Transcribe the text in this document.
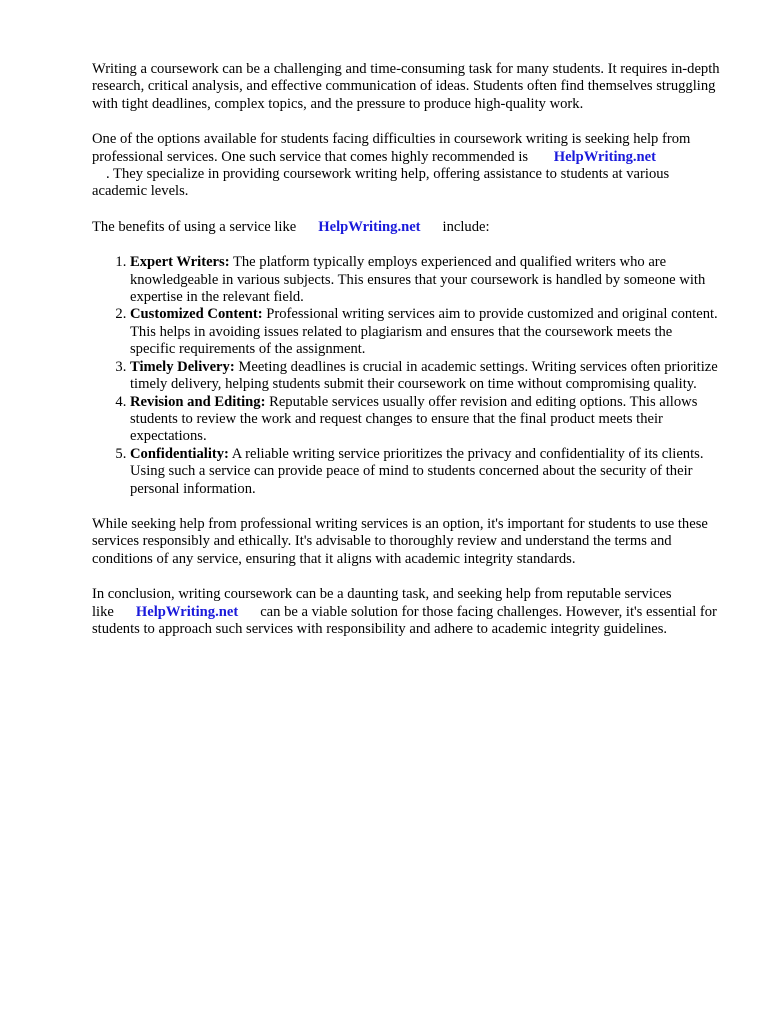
Writing a coursework can be a challenging and time-consuming task for many students. It requires in-depth research, critical analysis, and effective communication of ideas. Students often find themselves struggling with tight deadlines, complex topics, and the pressure to produce high-quality work.

One of the options available for students facing difficulties in coursework writing is seeking help from professional services. One such service that comes highly recommended is HelpWriting.net
. They specialize in providing coursework writing help, offering assistance to students at various academic levels.

The benefits of using a service like HelpWriting.net include:

1. Expert Writers: The platform typically employs experienced and qualified writers who are knowledgeable in various subjects. This ensures that your coursework is handled by someone with expertise in the relevant field.
2. Customized Content: Professional writing services aim to provide customized and original content. This helps in avoiding issues related to plagiarism and ensures that the coursework meets the specific requirements of the assignment.
3. Timely Delivery: Meeting deadlines is crucial in academic settings. Writing services often prioritize timely delivery, helping students submit their coursework on time without compromising quality.
4. Revision and Editing: Reputable services usually offer revision and editing options. This allows students to review the work and request changes to ensure that the final product meets their expectations.
5. Confidentiality: A reliable writing service prioritizes the privacy and confidentiality of its clients. Using such a service can provide peace of mind to students concerned about the security of their personal information.

While seeking help from professional writing services is an option, it's important for students to use these services responsibly and ethically. It's advisable to thoroughly review and understand the terms and conditions of any service, ensuring that it aligns with academic integrity standards.

In conclusion, writing coursework can be a daunting task, and seeking help from reputable services like HelpWriting.net can be a viable solution for those facing challenges. However, it's essential for students to approach such services with responsibility and adhere to academic integrity guidelines.
